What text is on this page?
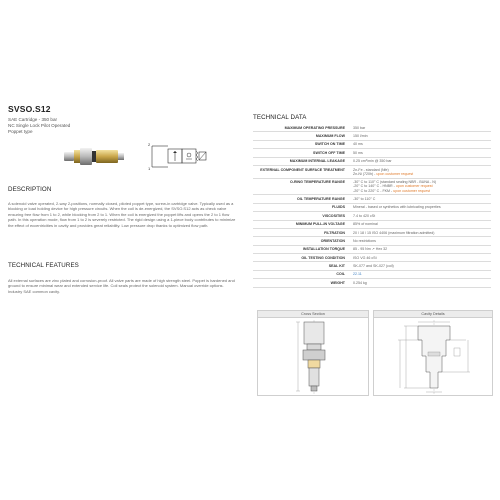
SVSO.S12
SAE Cartridge - 350 bar
NC Single Lock Pilot Operated
Poppet type
2
1
DESCRIPTION
A solenoid valve operated, 2-way 2-positions, normally closed, piloted poppet type, screw-in cartridge valve. Typically used as a blocking or load holding device for high pressure circuits. When the coil is de-energized, the SVSO.S12 acts as check valve ensuring free flow from 1 to 2, while blocking from 2 to 1. When the coil is energized the poppet lifts and opens the 2 to 1 flow path. In this operation mode, flow from 1 to 2 is severely restricted. The rigid design using a 1-piece body contributes to minimize the effect of eccentricities in cavity and provides great reliability. Low pressure drop thanks to optimized flow path.
TECHNICAL FEATURES
All external surfaces are zinc plated and corrosion-proof. All valve parts are made of high strength steel. Poppet is hardened and ground to ensure minimal wear and extended service life. Coil seals protect the solenoid system. Manual override options. Industry SAE common cavity.
TECHNICAL DATA
MAXIMUM OPERATING PRESSURE	350 bar

MAXIMUM FLOW	150 l/min

SWITCH ON TIME	40 ms

SWITCH OFF TIME	50 ms

MAXIMUM INTERNAL LEAKAGE	0.25 cm³/min @ 350 bar

EXTERNAL COMPONENT SURFACE TREATMENT	Zn-Fe - standard (Nfe)
Zn-Ni (720h) - upon customer request

O-RING TEMPERATURE RANGE	-30° C to 110° C (standard sealing NBR - BUNA - N)
-20° C to 140° C - HNBR - upon customer request
-20° C to 220° C - FKM - upon customer request

OIL TEMPERATURE RANGE	-30° to 110° C

FLUIDS	Mineral - based or synthetics with lubricating properties

VISCOSITIES	7.4 to 420 cSt

MINIMUM PULL-IN VOLTAGE	85% of nominal

FILTRATION	20 / 18 / 15 ISO 4406 (maximum filtration admitted)

ORIENTATION	No restrictions

INSTALLATION TORQUE	85 - 95 Nm ↗ Hex 32

OIL TESTING CONDITION	ISO VG 46 cSt

SEAL KIT	SK-077 and SK-027 (coil)

COIL	22.11

WEIGHT	0.254 kg
Cross Section	Cavity Details
